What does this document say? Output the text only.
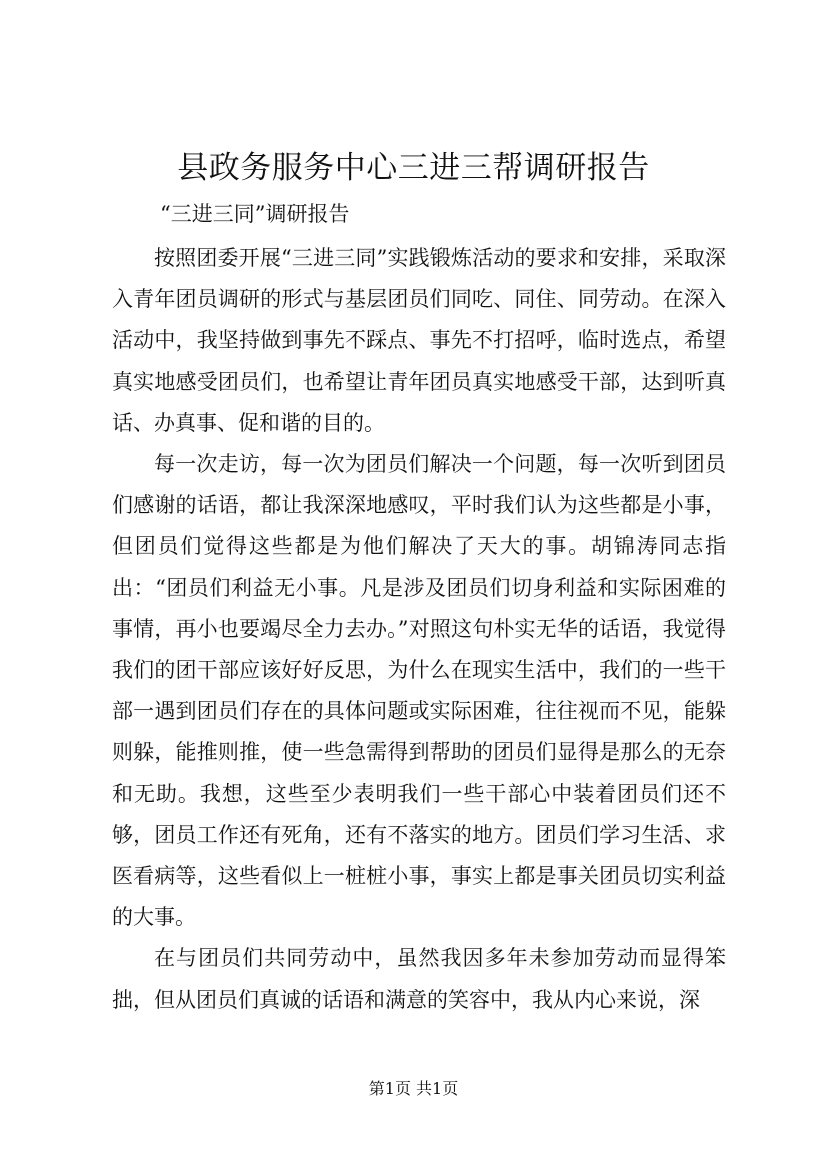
县政务服务中心三进三帮调研报告
“三进三同”调研报告

按照团委开展“三进三同”实践锻炼活动的要求和安排，采取深入青年团员调研的形式与基层团员们同吃、同住、同劳动。在深入活动中，我坚持做到事先不踩点、事先不打招呼，临时选点，希望真实地感受团员们，也希望让青年团员真实地感受干部，达到听真话、办真事、促和谐的目的。

每一次走访，每一次为团员们解决一个问题，每一次听到团员们感谢的话语，都让我深深地感叹，平时我们认为这些都是小事，但团员们觉得这些都是为他们解决了天大的事。胡锦涛同志指出：“团员们利益无小事。凡是涉及团员们切身利益和实际困难的事情，再小也要竭尽全力去办。”对照这句朴实无华的话语，我觉得我们的团干部应该好好反思，为什么在现实生活中，我们的一些干部一遇到团员们存在的具体问题或实际困难，往往视而不见，能躲则躲，能推则推，使一些急需得到帮助的团员们显得是那么的无奈和无助。我想，这些至少表明我们一些干部心中装着团员们还不够，团员工作还有死角，还有不落实的地方。团员们学习生活、求医看病等，这些看似上一桩桩小事，事实上都是事关团员切实利益的大事。

在与团员们共同劳动中，虽然我因多年未参加劳动而显得笨拙，但从团员们真诚的话语和满意的笑容中，我从内心来说，深

第1页 共1页
